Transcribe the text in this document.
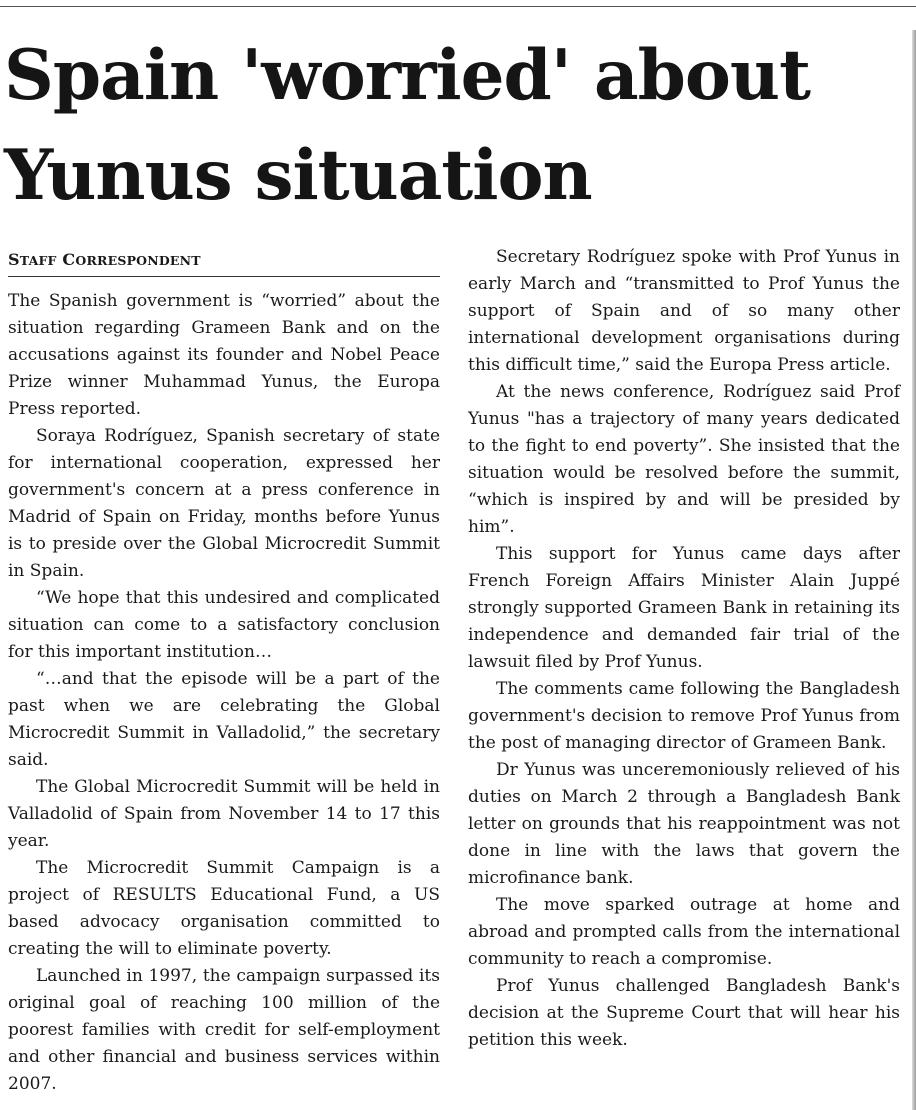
Spain 'worried' about
Yunus situation
STAFF CORRESPONDENT

The Spanish government is “worried” about the situation regarding Grameen Bank and on the accusations against its founder and Nobel Peace Prize winner Muhammad Yunus, the Europa Press reported.

Soraya Rodríguez, Spanish secretary of state for international cooperation, expressed her government's concern at a press conference in Madrid of Spain on Friday, months before Yunus is to preside over the Global Microcredit Summit in Spain.

“We hope that this undesired and complicated situation can come to a satisfactory conclusion for this important institution…

“…and that the episode will be a part of the past when we are celebrating the Global Microcredit Summit in Valladolid,” the secretary said.

The Global Microcredit Summit will be held in Valladolid of Spain from November 14 to 17 this year.

The Microcredit Summit Campaign is a project of RESULTS Educational Fund, a US based advocacy organisation committed to creating the will to eliminate poverty.

Launched in 1997, the campaign surpassed its original goal of reaching 100 million of the poorest families with credit for self-employment and other financial and business services within 2007.

Secretary Rodríguez spoke with Prof Yunus in early March and “transmitted to Prof Yunus the support of Spain and of so many other international development organisations during this difficult time,” said the Europa Press article.

At the news conference, Rodríguez said Prof Yunus "has a trajectory of many years dedicated to the fight to end poverty”. She insisted that the situation would be resolved before the summit, “which is inspired by and will be presided by him”.

This support for Yunus came days after French Foreign Affairs Minister Alain Juppé strongly supported Grameen Bank in retaining its independence and demanded fair trial of the lawsuit filed by Prof Yunus.

The comments came following the Bangladesh government's decision to remove Prof Yunus from the post of managing director of Grameen Bank.

Dr Yunus was unceremoniously relieved of his duties on March 2 through a Bangladesh Bank letter on grounds that his reappointment was not done in line with the laws that govern the microfinance bank.

The move sparked outrage at home and abroad and prompted calls from the international community to reach a compromise.

Prof Yunus challenged Bangladesh Bank's decision at the Supreme Court that will hear his petition this week.
